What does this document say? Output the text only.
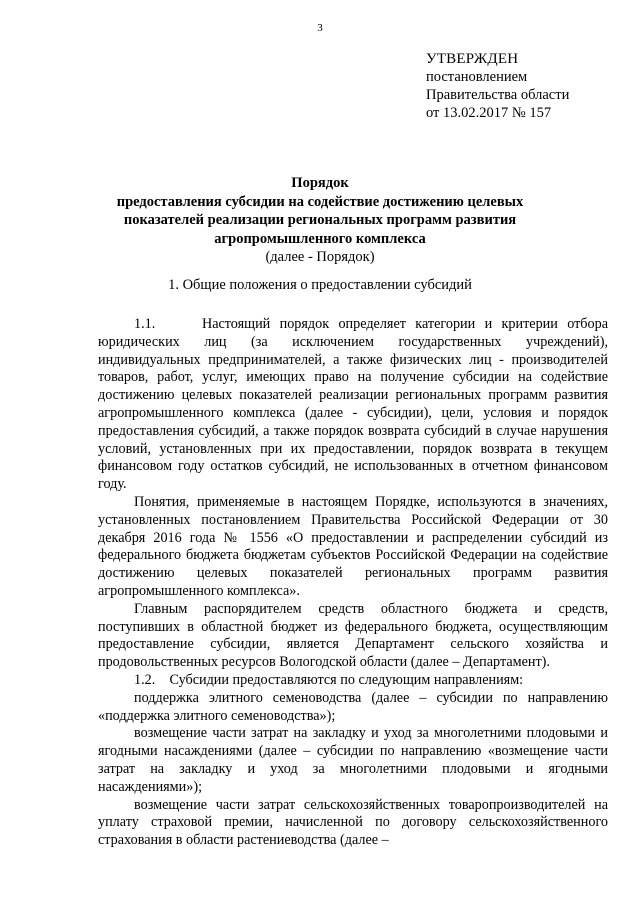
3
УТВЕРЖДЕН
постановлением
Правительства области
от 13.02.2017 № 157
Порядок
предоставления субсидии на содействие достижению целевых
показателей реализации региональных программ развития
агропромышленного комплекса
(далее - Порядок)
1. Общие положения о предоставлении субсидий

1.1.     Настоящий порядок определяет категории и критерии отбора юридических лиц (за исключением государственных учреждений), индивидуальных предпринимателей, а также физических лиц - производителей товаров, работ, услуг, имеющих право на получение субсидии на содействие достижению целевых показателей реализации региональных программ развития агропромышленного комплекса (далее - субсидии), цели, условия и порядок предоставления субсидий, а также порядок возврата субсидий в случае нарушения условий, установленных при их предоставлении, порядок возврата в текущем финансовом году остатков субсидий, не использованных в отчетном финансовом году.

Понятия, применяемые в настоящем Порядке, используются в значениях, установленных постановлением Правительства Российской Федерации от 30 декабря 2016 года № 1556 «О предоставлении и распределении субсидий из федерального бюджета бюджетам субъектов Российской Федерации на содействие достижению целевых показателей региональных программ развития агропромышленного комплекса».

Главным распорядителем средств областного бюджета и средств, поступивших в областной бюджет из федерального бюджета, осуществляющим предоставление субсидии, является Департамент сельского хозяйства и продовольственных ресурсов Вологодской области (далее – Департамент).

1.2.    Субсидии предоставляются по следующим направлениям:

поддержка элитного семеноводства (далее – субсидии по направлению «поддержка элитного семеноводства»);

возмещение части затрат на закладку и уход за многолетними плодовыми и ягодными насаждениями (далее – субсидии по направлению «возмещение части затрат на закладку и уход за многолетними плодовыми и ягодными насаждениями»);

возмещение части затрат сельскохозяйственных товаропроизводителей на уплату страховой премии, начисленной по договору сельскохозяйственного страхования в области растениеводства (далее –
